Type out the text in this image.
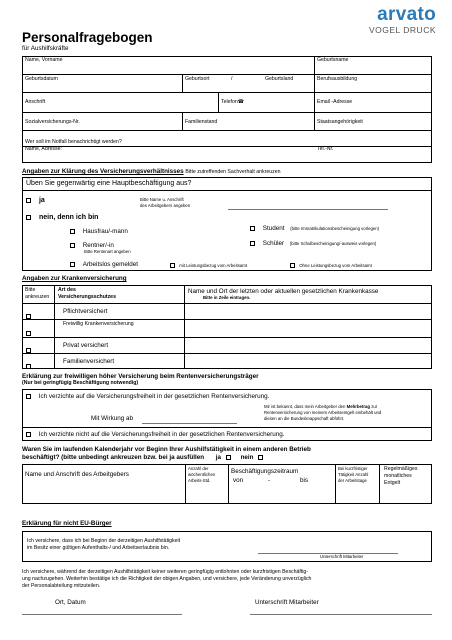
Personalfragebogen
für Aushilfskräfte
arvato
VOGEL DRUCK
Name, Vorname	Geburtsname
Geburtsdatum	Geburtsort	/	Geburtsland	Berufsausbildung
Anschrift	Telefon☎	Email -Adresse
Sozialversicherungs-Nr.	Familienstand	Staatsangehörigkeit
Wer soll im Notfall benachrichtigt werden?
Name, Adresse:	Tel.-Nr.
Angaben zur Klärung des Versicherungsverhältnisses Bitte zutreffenden Sachverhalt ankreuzen
Üben Sie gegenwärtig eine Hauptbeschäftigung aus?
ja	Bitte Name u. Anschrift
des Arbeitgebers angeben
nein, denn ich bin
Hausfrau/-mann	Student (bitte Immatrikulationsbescheinigung vorlegen)
Rentner/-in
Bitte Rentenart angeben
Schüler (bitte Schulbescheinigung/-ausweis vorlegen)
Arbeitslos gemeldet	mit Leistungsbezug vom Arbeitsamt	Ohne Leistungsbezug vom Arbeitsamt
Angaben zur Krankenversicherung
Bitte
ankreuzen
Art des
Versicherungsschutzes
Name und Ort der letzten oder aktuellen gesetzlichen Krankenkasse
Bitte in Zeile eintragen.
Pflichtversichert
Freiwillig Krankenversicherung
Privat versichert
Familienversichert
Erklärung zur freiwilligen höher Versicherung beim Rentenversicherungsträger
(Nur bei geringfügig Beschäftigung notwendig)
Ich verzichte auf die Versicherungsfreiheit in der gesetzlichen Rentenversicherung.
Mit Wirkung ab
Mir ist bekannt, dass mein Arbeitgeber den Mehrbetrag zur
Rentenversicherung von meinem Arbeitsentgelt einbehält und
diesen an die Bundesknappschaft abführt.
Ich verzichte nicht auf die Versicherungsfreiheit in der gesetzlichen Rentenversicherung.
Waren Sie im laufenden Kalenderjahr vor Beginn Ihrer Aushilfstätigkeit in einem anderen Betrieb
beschäftigt? (bitte unbedingt ankreuzen bzw. bei ja ausfüllen ja	nein
Name und Anschrift des Arbeitgebers
Anzahl der
wöchentlichen
Arbeits-Std.
Beschäftigungszeitraum
von	-	bis
Bei kurzfristiger
Tätigkeit Anzahl
der Arbeitstage
Regelmäßiges
monatliches
Entgelt
Erklärung für nicht EU-Bürger
Ich versichere, dass ich bei Beginn der derzeitigen Aushilfstätigkeit
im Besitz einer gültigen Aufenthalts-/ und Arbeitserlaubnis bin.
Unterschrift Mitarbeiter
Ich versichere, während der derzeitigen Aushilfstätigkeit keiner weiteren geringfügig entlohnten oder kurzfristigen Beschäftig-
ung nachzugehen. Weiterhin bestätige ich die Richtigkeit der obigen Angaben, und versichere, jede Veränderung unverzüglich
der Personalabteilung mitzuteilen.
Ort, Datum	Unterschrift Mitarbeiter
